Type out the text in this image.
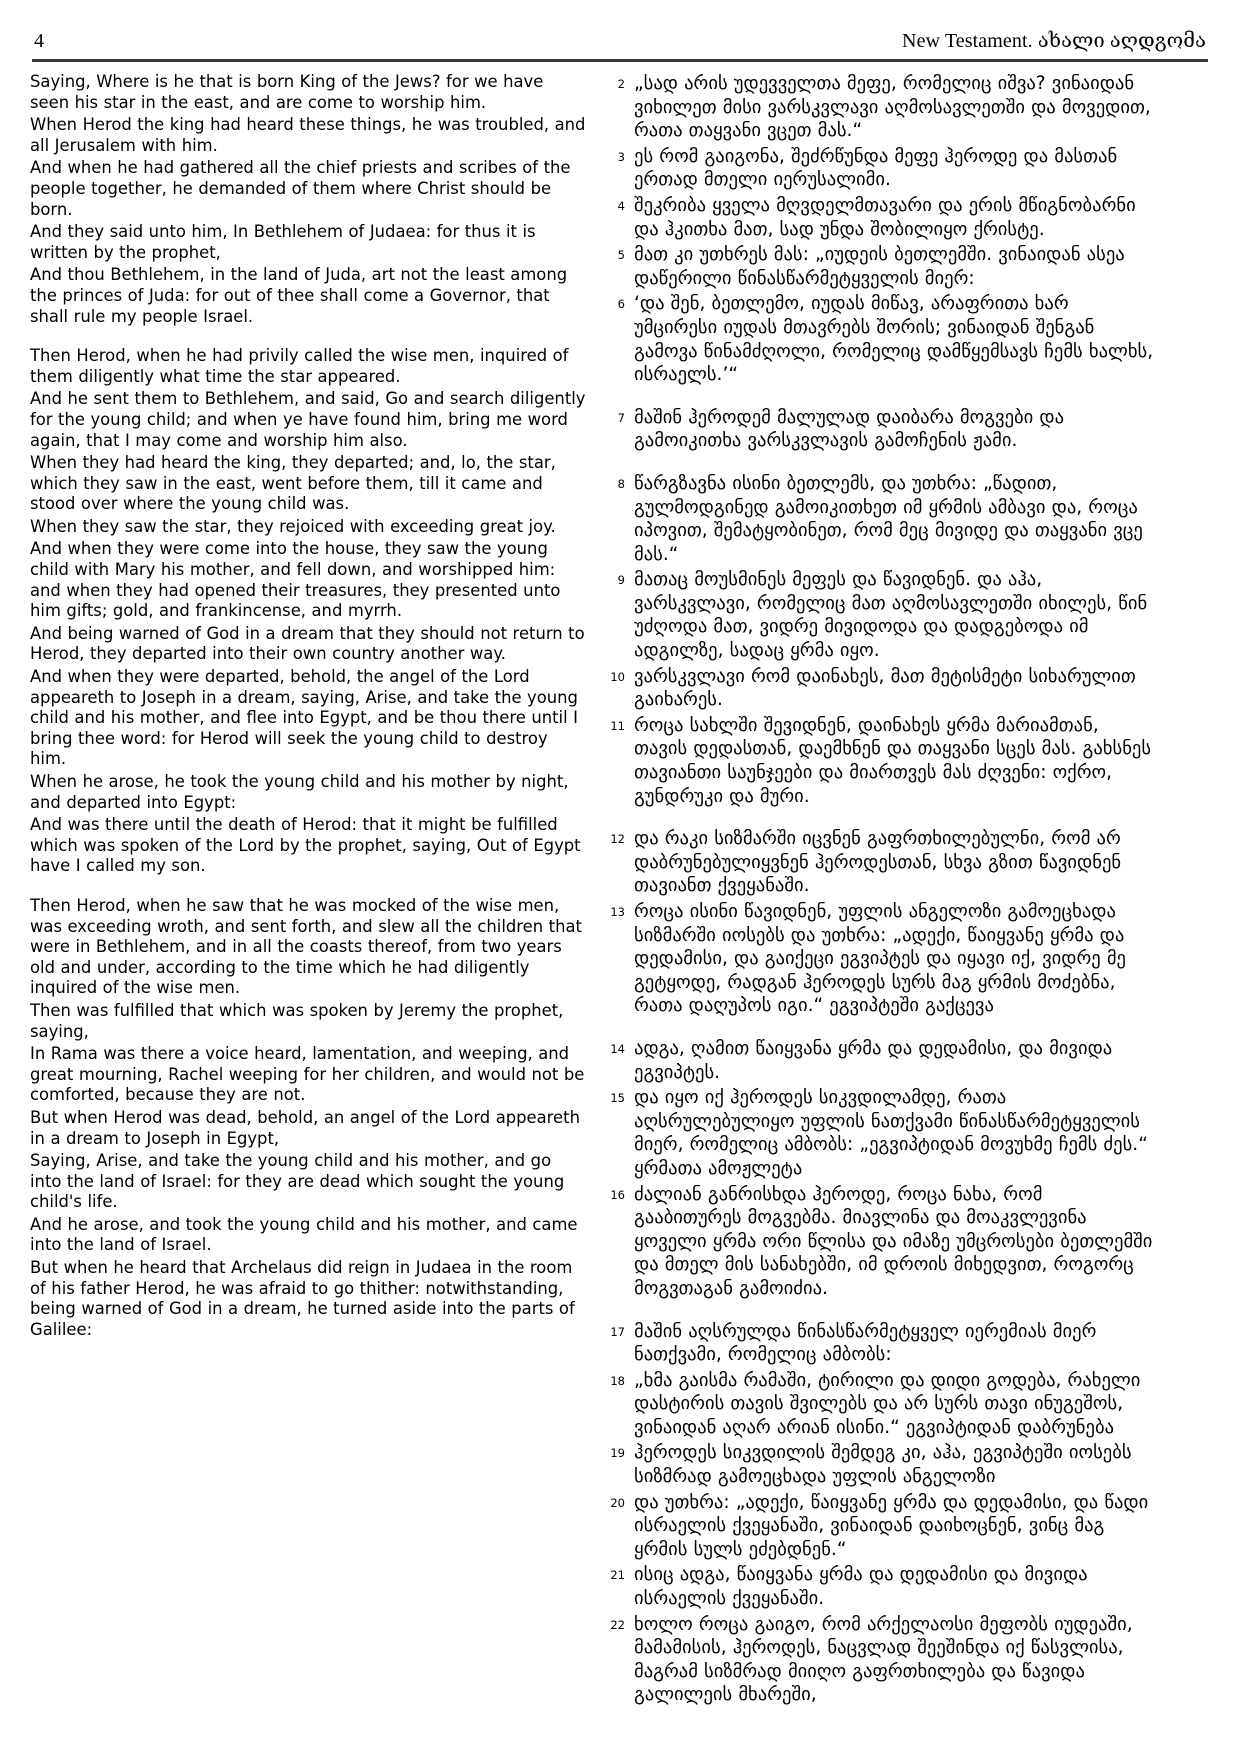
4	New Testament. ახალი აღდგომა

Saying, Where is he that is born King of the Jews? for we have seen his star in the east, and are come to worship him.

When Herod the king had heard these things, he was troubled, and all Jerusalem with him.

And when he had gathered all the chief priests and scribes of the people together, he demanded of them where Christ should be born.

And they said unto him, In Bethlehem of Judaea: for thus it is written by the prophet,

And thou Bethlehem, in the land of Juda, art not the least among the princes of Juda: for out of thee shall come a Governor, that shall rule my people Israel.

Then Herod, when he had privily called the wise men, inquired of them diligently what time the star appeared.

And he sent them to Bethlehem, and said, Go and search diligently for the young child; and when ye have found him, bring me word again, that I may come and worship him also.

When they had heard the king, they departed; and, lo, the star, which they saw in the east, went before them, till it came and stood over where the young child was.

When they saw the star, they rejoiced with exceeding great joy.

And when they were come into the house, they saw the young child with Mary his mother, and fell down, and worshipped him: and when they had opened their treasures, they presented unto him gifts; gold, and frankincense, and myrrh.

And being warned of God in a dream that they should not return to Herod, they departed into their own country another way.

And when they were departed, behold, the angel of the Lord appeareth to Joseph in a dream, saying, Arise, and take the young child and his mother, and flee into Egypt, and be thou there until I bring thee word: for Herod will seek the young child to destroy him.

When he arose, he took the young child and his mother by night, and departed into Egypt:

And was there until the death of Herod: that it might be fulfilled which was spoken of the Lord by the prophet, saying, Out of Egypt have I called my son.

Then Herod, when he saw that he was mocked of the wise men, was exceeding wroth, and sent forth, and slew all the children that were in Bethlehem, and in all the coasts thereof, from two years old and under, according to the time which he had diligently inquired of the wise men.

Then was fulfilled that which was spoken by Jeremy the prophet, saying,

In Rama was there a voice heard, lamentation, and weeping, and great mourning, Rachel weeping for her children, and would not be comforted, because they are not.

But when Herod was dead, behold, an angel of the Lord appeareth in a dream to Joseph in Egypt,

Saying, Arise, and take the young child and his mother, and go into the land of Israel: for they are dead which sought the young child's life.

And he arose, and took the young child and his mother, and came into the land of Israel.

But when he heard that Archelaus did reign in Judaea in the room of his father Herod, he was afraid to go thither: notwithstanding, being warned of God in a dream, he turned aside into the parts of Galilee:

2 „სად არის უდევველთა მეფე, რომელიც იშვა? ვინაიდან ვიხილეთ მისი ვარსკვლავი აღმოსავლეთში და მოვედით, რათა თაყვანი ვცეთ მას.“
3 ეს რომ გაიგონა, შეძრწუნდა მეფე ჰეროდე და მასთან ერთად მთელი იერუსალიმი.
4 შეკრიბა ყველა მღვდელმთავარი და ერის მწიგნობარნი და ჰკითხა მათ, სად უნდა შობილიყო ქრისტე.
5 მათ კი უთხრეს მას: „იუდეის ბეთლემში. ვინაიდან ასეა დაწერილი წინასწარმეტყველის მიერ:
6 ‘და შენ, ბეთლემო, იუდას მიწავ, არაფრითა ხარ უმცირესი იუდას მთავრებს შორის; ვინაიდან შენგან გამოვა წინამძღოლი, რომელიც დამწყემსავს ჩემს ხალხს, ისრაელს.’“
7 მაშინ ჰეროდემ მალულად დაიბარა მოგვები და გამოიკითხა ვარსკვლავის გამოჩენის ჟამი.
8 წარგზავნა ისინი ბეთლემს, და უთხრა: „წადით, გულმოდგინედ გამოიკითხეთ იმ ყრმის ამბავი და, როცა იპოვით, შემატყობინეთ, რომ მეც მივიდე და თაყვანი ვცე მას.“
9 მათაც მოუსმინეს მეფეს და წავიდნენ. და აჰა, ვარსკვლავი, რომელიც მათ აღმოსავლეთში იხილეს, წინ უძღოდა მათ, ვიდრე მივიდოდა და დადგებოდა იმ ადგილზე, სადაც ყრმა იყო.
10 ვარსკვლავი რომ დაინახეს, მათ მეტისმეტი სიხარულით გაიხარეს.
11 როცა სახლში შევიდნენ, დაინახეს ყრმა მარიამთან, თავის დედასთან, დაემხნენ და თაყვანი სცეს მას. გახსნეს თავიანთი საუნჯეები და მიართვეს მას ძღვენი: ოქრო, გუნდრუკი და მური.
12 და რაკი სიზმარში იცვნენ გაფრთხილებულნი, რომ არ დაბრუნებულიყვნენ ჰეროდესთან, სხვა გზით წავიდნენ თავიანთ ქვეყანაში.
13 როცა ისინი წავიდნენ, უფლის ანგელოზი გამოეცხადა სიზმარში იოსებს და უთხრა: „ადექი, წაიყვანე ყრმა და დედამისი, და გაიქეცი ეგვიპტეს და იყავი იქ, ვიდრე მე გეტყოდე, რადგან ჰეროდეს სურს მაგ ყრმის მოძებნა, რათა დაღუპოს იგი.“ ეგვიპტეში გაქცევა
14 ადგა, ღამით წაიყვანა ყრმა და დედამისი, და მივიდა ეგვიპტეს.
15 და იყო იქ ჰეროდეს სიკვდილამდე, რათა აღსრულებულიყო უფლის ნათქვამი წინასწარმეტყველის მიერ, რომელიც ამბობს: „ეგვიპტიდან მოვუხმე ჩემს ძეს.“ ყრმათა ამოჟლეტა
16 ძალიან განრისხდა ჰეროდე, როცა ნახა, რომ გააბითურეს მოგვებმა. მიავლინა და მოაკვლევინა ყოველი ყრმა ორი წლისა და იმაზე უმცროსები ბეთლემში და მთელ მის სანახებში, იმ დროის მიხედვით, როგორც მოგვთაგან გამოიძია.
17 მაშინ აღსრულდა წინასწარმეტყველ იერემიას მიერ ნათქვამი, რომელიც ამბობს:
18 „ხმა გაისმა რამაში, ტირილი და დიდი გოდება, რახელი დასტირის თავის შვილებს და არ სურს თავი ინუგეშოს, ვინაიდან აღარ არიან ისინი.“ ეგვიპტიდან დაბრუნება
19 ჰეროდეს სიკვდილის შემდეგ კი, აჰა, ეგვიპტეში იოსებს სიზმრად გამოეცხადა უფლის ანგელოზი
20 და უთხრა: „ადექი, წაიყვანე ყრმა და დედამისი, და წადი ისრაელის ქვეყანაში, ვინაიდან დაიხოცნენ, ვინც მაგ ყრმის სულს ეძებდნენ.“
21 ისიც ადგა, წაიყვანა ყრმა და დედამისი და მივიდა ისრაელის ქვეყანაში.
22 ხოლო როცა გაიგო, რომ არქელაოსი მეფობს იუდეაში, მამამისის, ჰეროდეს, ნაცვლად შეეშინდა იქ წასვლისა, მაგრამ სიზმრად მიიღო გაფრთხილება და წავიდა გალილეის მხარეში,
